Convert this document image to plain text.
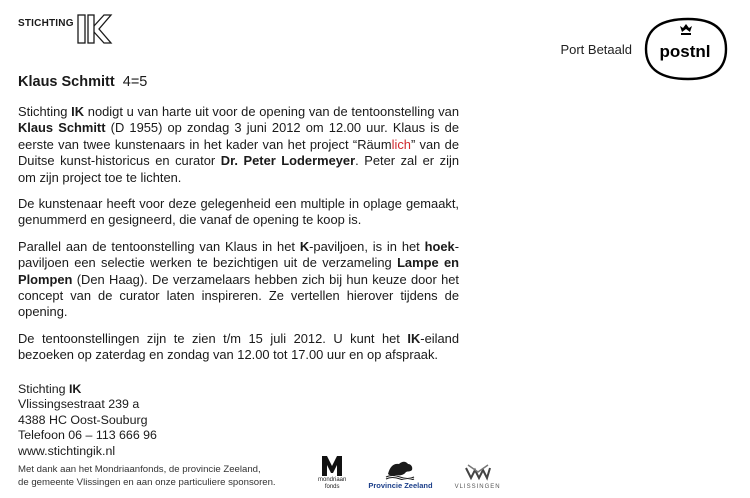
STICHTING
Port Betaald postnl
Klaus Schmitt 4=5

Stichting IK nodigt u van harte uit voor de opening van de tentoonstelling van Klaus Schmitt (D 1955) op zondag 3 juni 2012 om 12.00 uur. Klaus is de eerste van twee kunstenaars in het kader van het project “Räumlich” van de Duitse kunst-historicus en curator Dr. Peter Lodermeyer. Peter zal er zijn om zijn project toe te lichten.

De kunstenaar heeft voor deze gelegenheid een multiple in oplage gemaakt, genummerd en gesigneerd, die vanaf de opening te koop is.

Parallel aan de tentoonstelling van Klaus in het K-paviljoen, is in het hoek-paviljoen een selectie werken te bezichtigen uit de verzameling Lampe en Plompen (Den Haag). De verzamelaars hebben zich bij hun keuze door het concept van de curator laten inspireren. Ze vertellen hierover tijdens de opening.

De tentoonstellingen zijn te zien t/m 15 juli 2012. U kunt het IK-eiland bezoeken op zaterdag en zondag van 12.00 tot 17.00 uur en op afspraak.

Stichting IK
Vlissingsestraat 239 a
4388 HC Oost-Souburg
Telefoon 06 – 113 666 96
www.stichtingik.nl
Met dank aan het Mondriaanfonds, de provincie Zeeland,
de gemeente Vlissingen en aan onze particuliere sponsoren.	mondriaan
fonds	Provincie Zeeland	VLISSINGEN
